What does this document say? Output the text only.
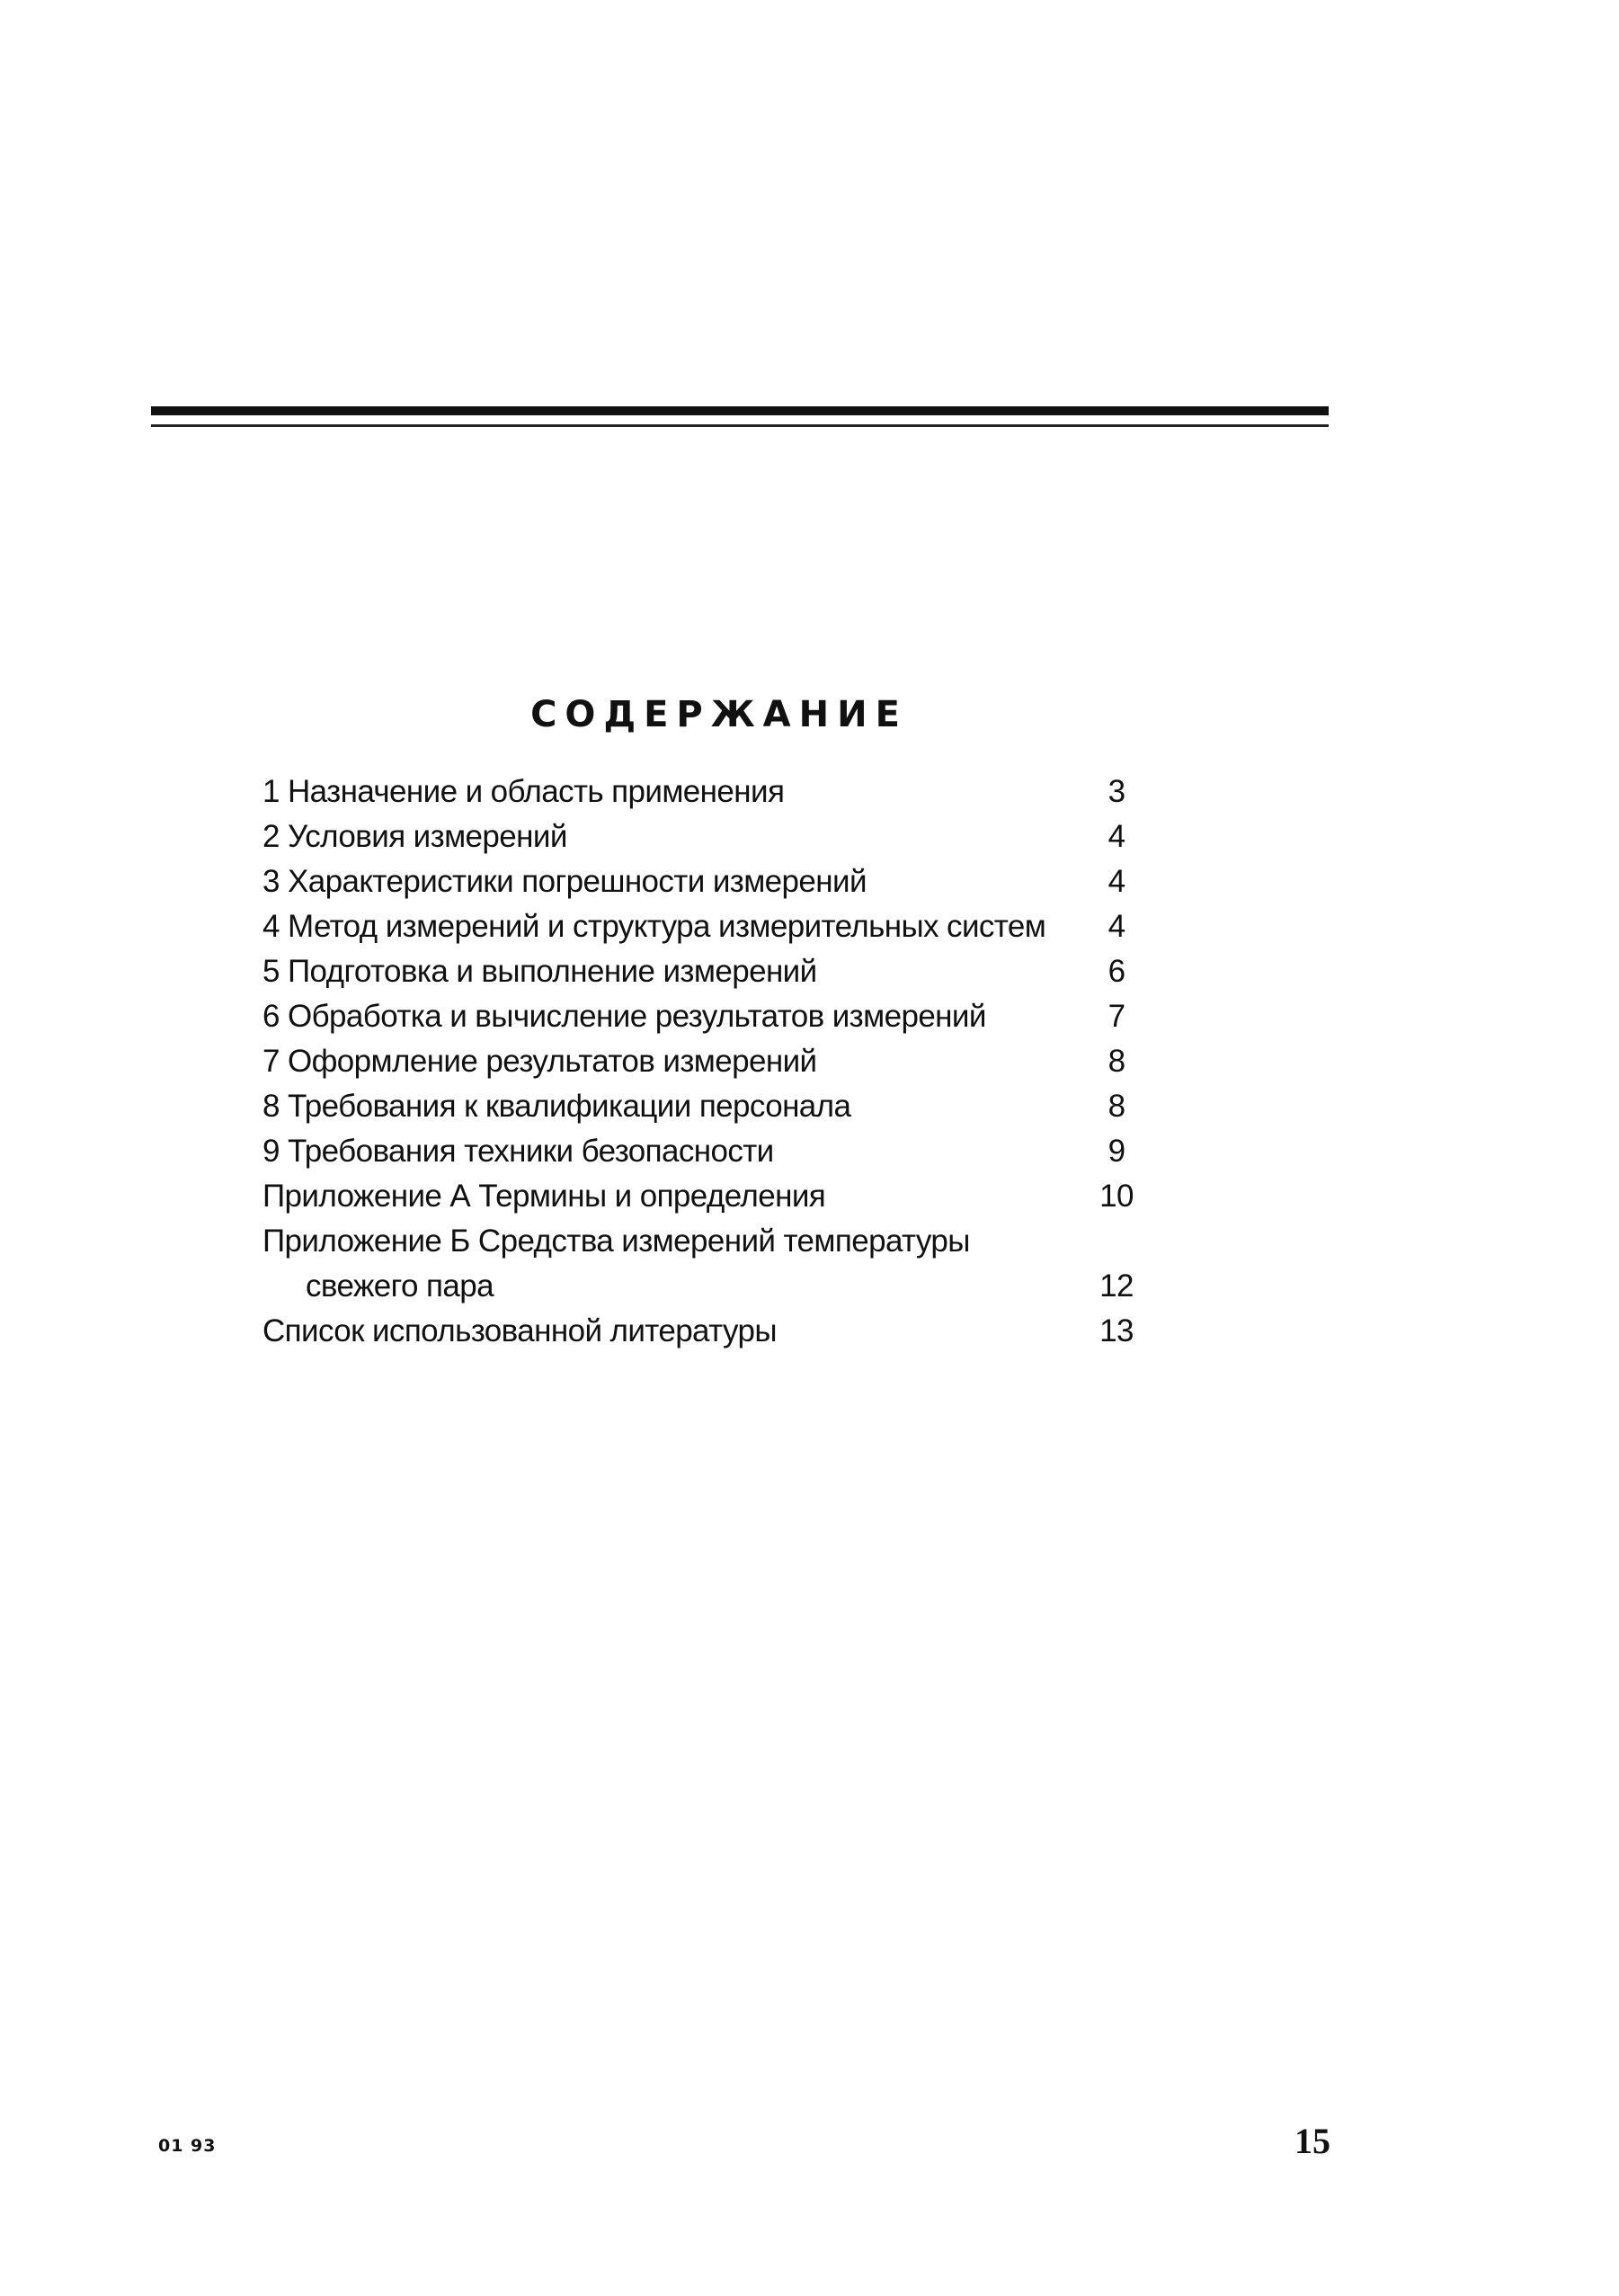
СОДЕРЖАНИЕ
1 Назначение и область применения	3
2 Условия измерений	4
3 Характеристики погрешности измерений	4
4 Метод измерений и структура измерительных систем	4
5 Подготовка и выполнение измерений	6
6 Обработка и вычисление результатов измерений	7
7 Оформление результатов измерений	8
8 Требования к квалификации персонала	8
9 Требования техники безопасности	9
Приложение А Термины и определения	10
Приложение Б Средства измерений температуры
свежего пара	12
Список использованной литературы	13
01 93	15
